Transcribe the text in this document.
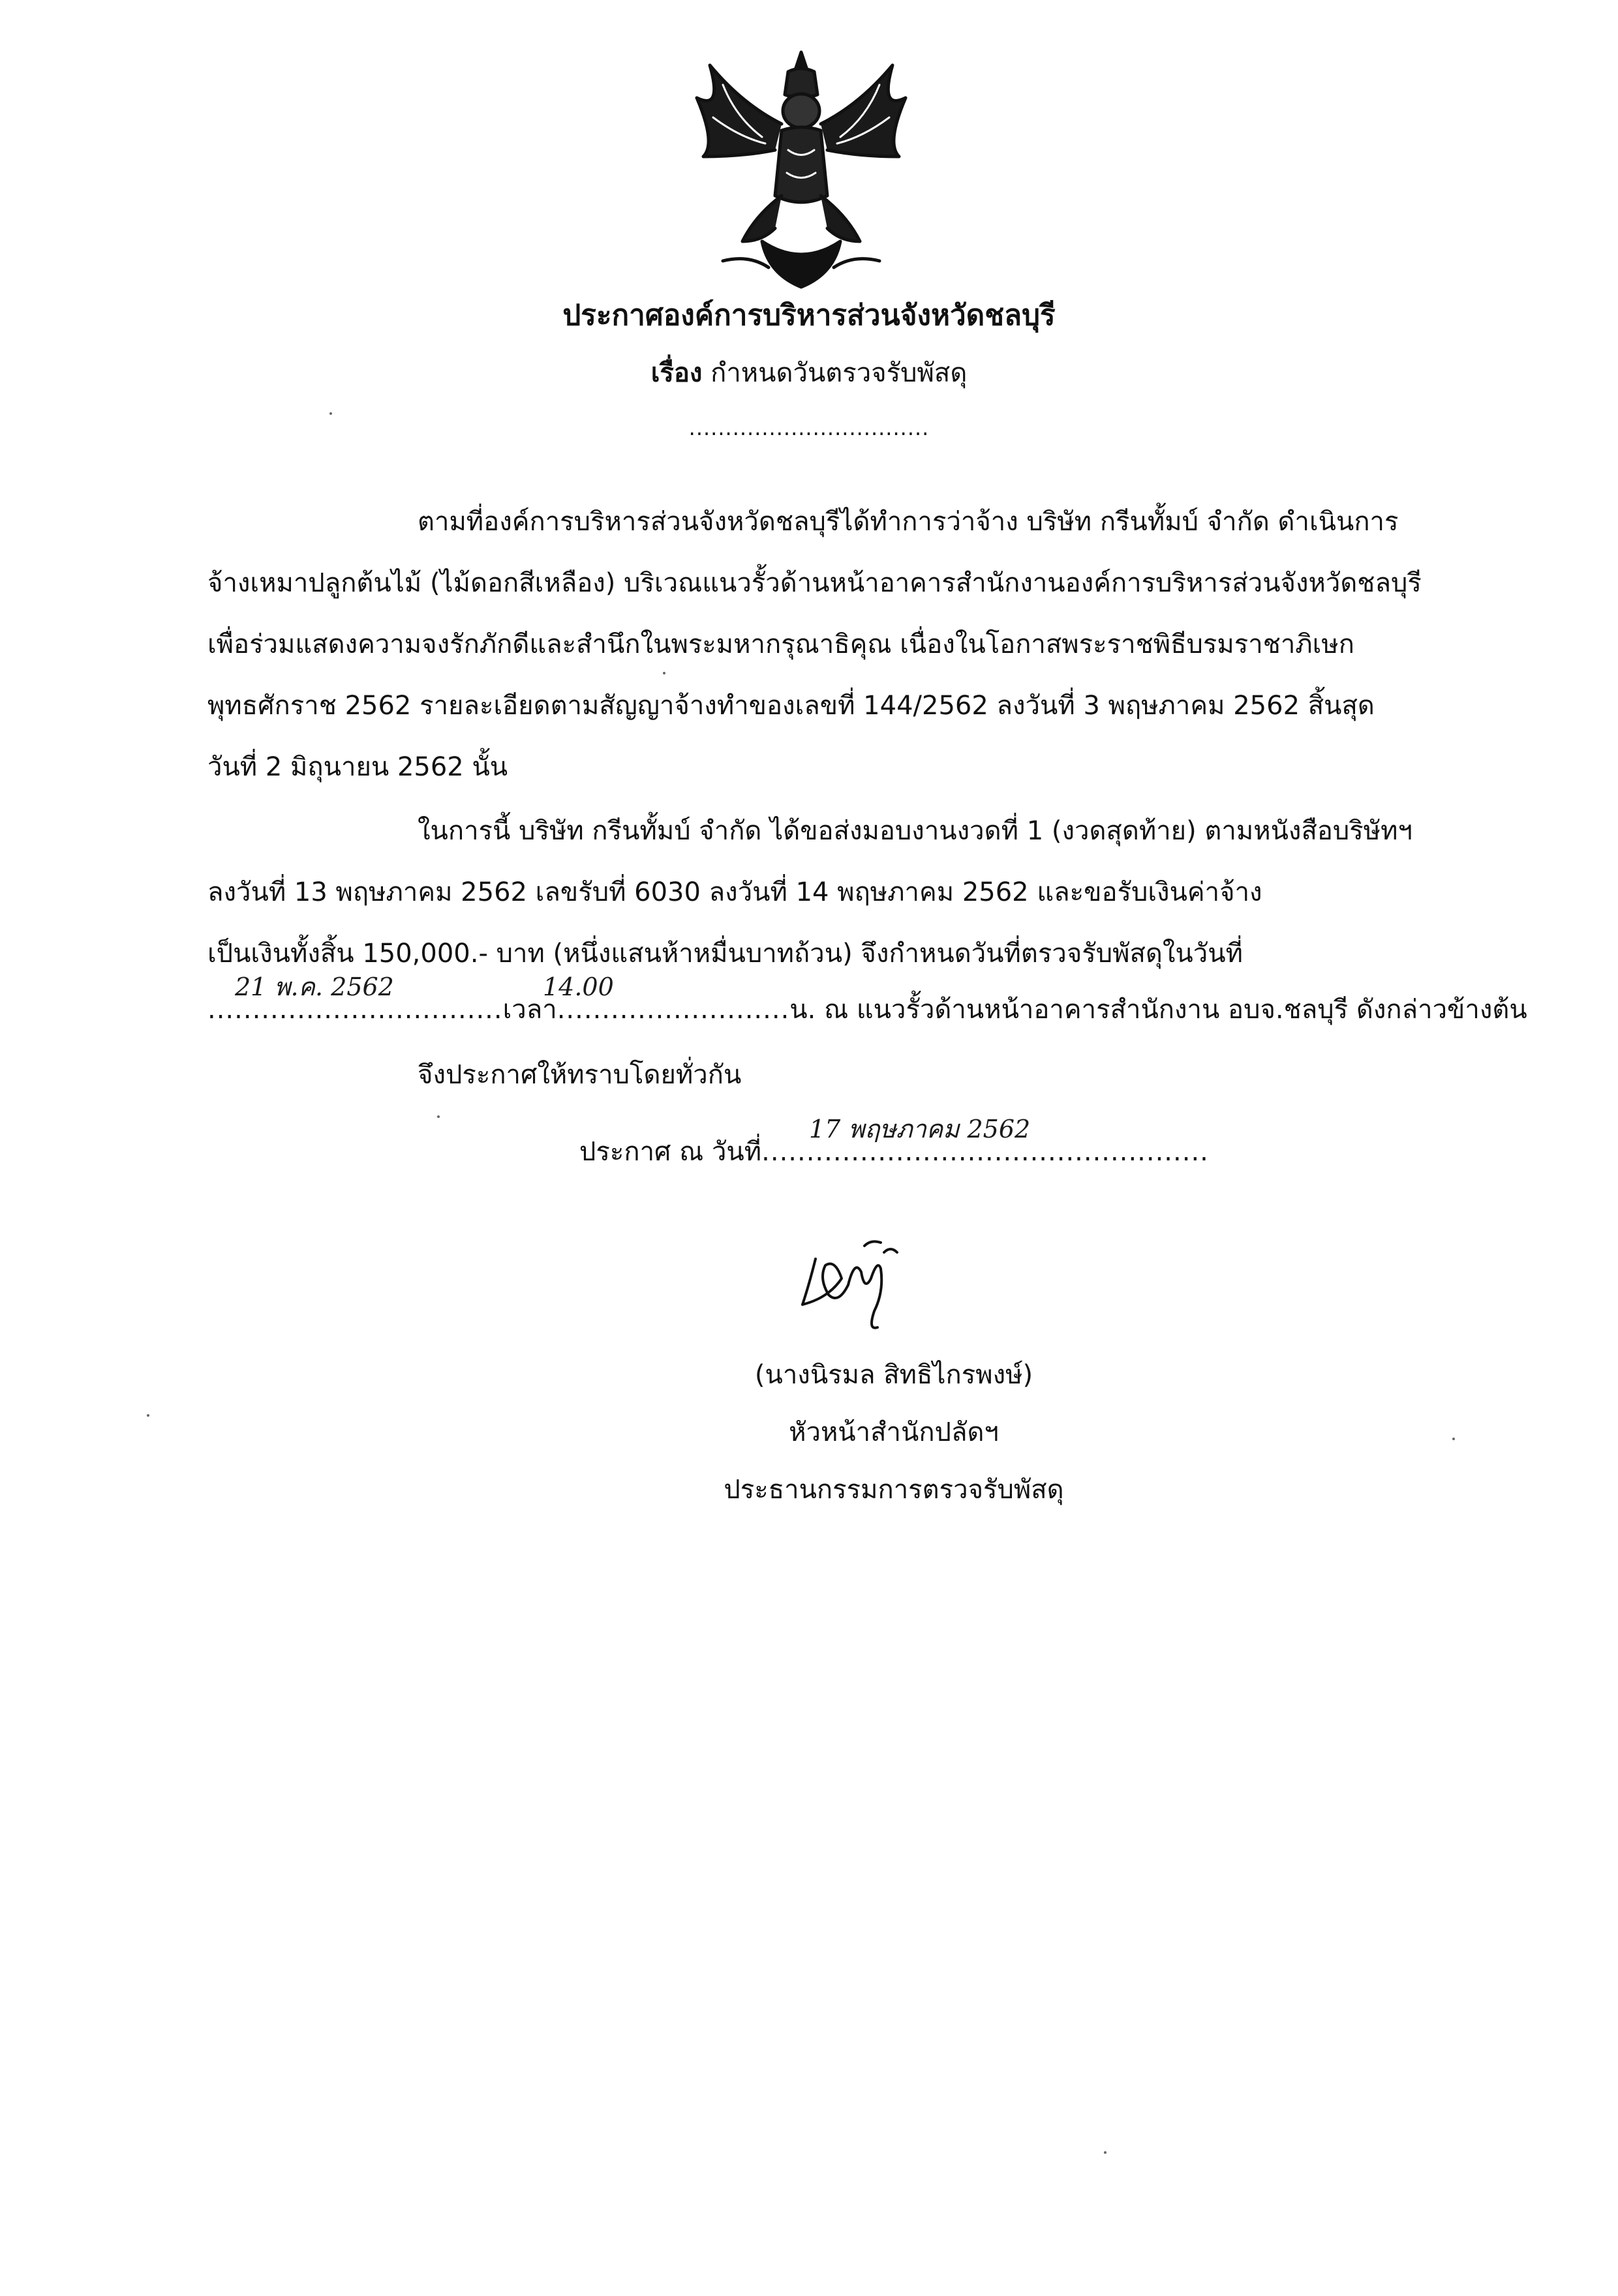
ประกาศองค์การบริหารส่วนจังหวัดชลบุรี
เรื่อง กำหนดวันตรวจรับพัสดุ
.................................
ตามที่องค์การบริหารส่วนจังหวัดชลบุรีได้ทำการว่าจ้าง บริษัท กรีนทั้มบ์ จำกัด ดำเนินการ
จ้างเหมาปลูกต้นไม้ (ไม้ดอกสีเหลือง) บริเวณแนวรั้วด้านหน้าอาคารสำนักงานองค์การบริหารส่วนจังหวัดชลบุรี
เพื่อร่วมแสดงความจงรักภักดีและสำนึกในพระมหากรุณาธิคุณ เนื่องในโอกาสพระราชพิธีบรมราชาภิเษก
พุทธศักราช 2562 รายละเอียดตามสัญญาจ้างทำของเลขที่ 144/2562 ลงวันที่ 3 พฤษภาคม 2562 สิ้นสุด
วันที่ 2 มิถุนายน 2562 นั้น
ในการนี้ บริษัท กรีนทั้มบ์ จำกัด ได้ขอส่งมอบงานงวดที่ 1 (งวดสุดท้าย) ตามหนังสือบริษัทฯ
ลงวันที่ 13 พฤษภาคม 2562 เลขรับที่ 6030 ลงวันที่ 14 พฤษภาคม 2562 และขอรับเงินค่าจ้าง
เป็นเงินทั้งสิ้น 150,000.- บาท (หนึ่งแสนห้าหมื่นบาทถ้วน) จึงกำหนดวันที่ตรวจรับพัสดุในวันที่
21 พ.ค. 2562	14.00
.................................เวลา..........................น. ณ แนวรั้วด้านหน้าอาคารสำนักงาน อบจ.ชลบุรี ดังกล่าวข้างต้น
จึงประกาศให้ทราบโดยทั่วกัน
17 พฤษภาคม 2562
ประกาศ ณ วันที่..................................................
(นางนิรมล สิทธิไกรพงษ์)
หัวหน้าสำนักปลัดฯ
ประธานกรรมการตรวจรับพัสดุ
